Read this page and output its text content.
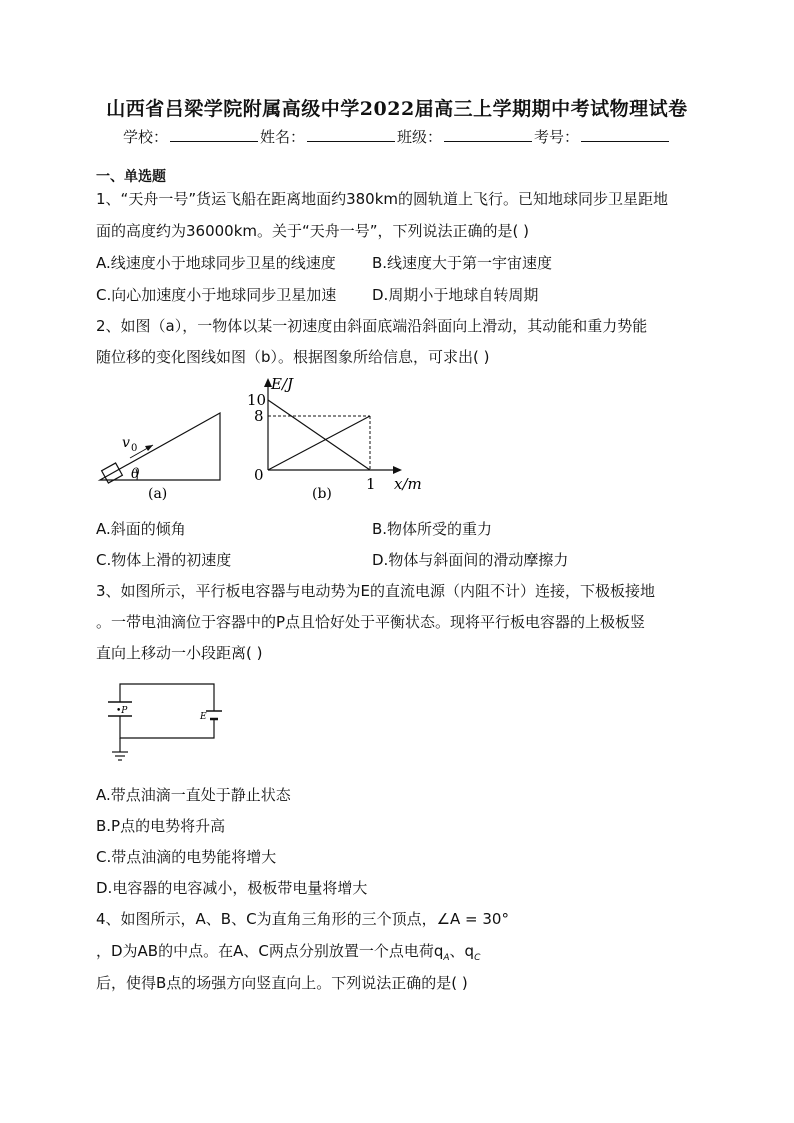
山西省吕梁学院附属高级中学2022届高三上学期期中考试物理试卷
学校：	姓名：	班级：	考号：
一、单选题
1、“天舟一号”货运飞船在距离地面约380km的圆轨道上飞行。已知地球同步卫星距地
面的高度约为36000km。关于“天舟一号”，下列说法正确的是( )
A.线速度小于地球同步卫星的线速度 B.线速度大于第一宇宙速度
C.向心加速度小于地球同步卫星加速 D.周期小于地球自转周期
2、如图（a），一物体以某一初速度由斜面底端沿斜面向上滑动，其动能和重力势能
随位移的变化图线如图（b）。根据图象所给信息，可求出( )
v 0
θ
(a)
E/J
10
8
0	1 x/m
(b)
A.斜面的倾角	B.物体所受的重力
C.物体上滑的初速度	D.物体与斜面间的滑动摩擦力
3、如图所示，平行板电容器与电动势为E的直流电源（内阻不计）连接，下极板接地
。一带电油滴位于容器中的P点且恰好处于平衡状态。现将平行板电容器的上极板竖
直向上移动一小段距离( )
•P
E
A.带点油滴一直处于静止状态
B.P点的电势将升高
C.带点油滴的电势能将增大
D.电容器的电容减小，极板带电量将增大
4、如图所示，A、B、C为直角三角形的三个顶点，∠A = 30°
，D为AB的中点。在A、C两点分别放置一个点电荷$q_A$、$q_C$
后，使得B点的场强方向竖直向上。下列说法正确的是( )
